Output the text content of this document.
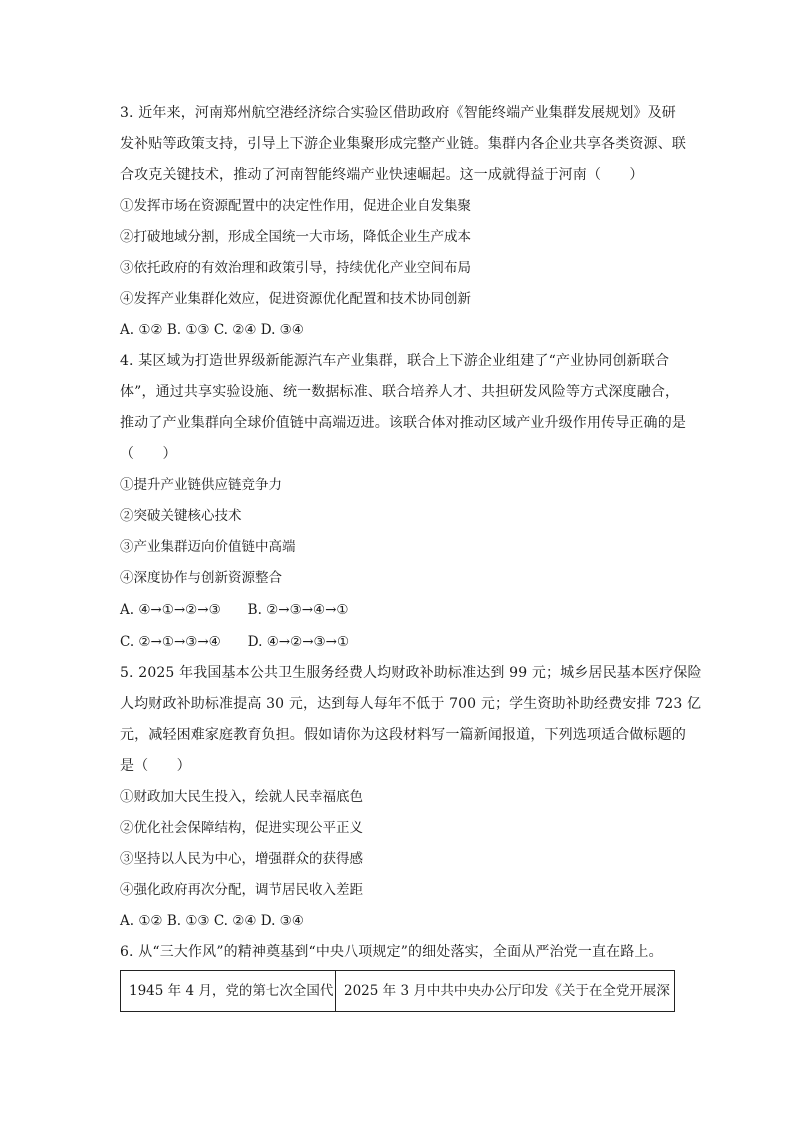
3. 近年来，河南郑州航空港经济综合实验区借助政府《智能终端产业集群发展规划》及研
发补贴等政策支持，引导上下游企业集聚形成完整产业链。集群内各企业共享各类资源、联
合攻克关键技术，推动了河南智能终端产业快速崛起。这一成就得益于河南（　　）
①发挥市场在资源配置中的决定性作用，促进企业自发集聚
②打破地域分割，形成全国统一大市场，降低企业生产成本
③依托政府的有效治理和政策引导，持续优化产业空间布局
④发挥产业集群化效应，促进资源优化配置和技术协同创新
A. ①② B. ①③ C. ②④ D. ③④
4. 某区域为打造世界级新能源汽车产业集群，联合上下游企业组建了“产业协同创新联合
体”，通过共享实验设施、统一数据标准、联合培养人才、共担研发风险等方式深度融合，
推动了产业集群向全球价值链中高端迈进。该联合体对推动区域产业升级作用传导正确的是
（　　）
①提升产业链供应链竞争力
②突破关键核心技术
③产业集群迈向价值链中高端
④深度协作与创新资源整合
A. ④→①→②→③　　B. ②→③→④→①
C. ②→①→③→④　　D. ④→②→③→①
5. 2025 年我国基本公共卫生服务经费人均财政补助标准达到 99 元；城乡居民基本医疗保险
人均财政补助标准提高 30 元，达到每人每年不低于 700 元；学生资助补助经费安排 723 亿
元，减轻困难家庭教育负担。假如请你为这段材料写一篇新闻报道，下列选项适合做标题的
是（　　）
①财政加大民生投入，绘就人民幸福底色
②优化社会保障结构，促进实现公平正义
③坚持以人民为中心，增强群众的获得感
④强化政府再次分配，调节居民收入差距
A. ①② B. ①③ C. ②④ D. ③④
6. 从“三大作风”的精神奠基到“中央八项规定”的细处落实，全面从严治党一直在路上。
1945 年 4 月，党的第七次全国代 2025 年 3 月中共中央办公厅印发《关于在全党开展深
